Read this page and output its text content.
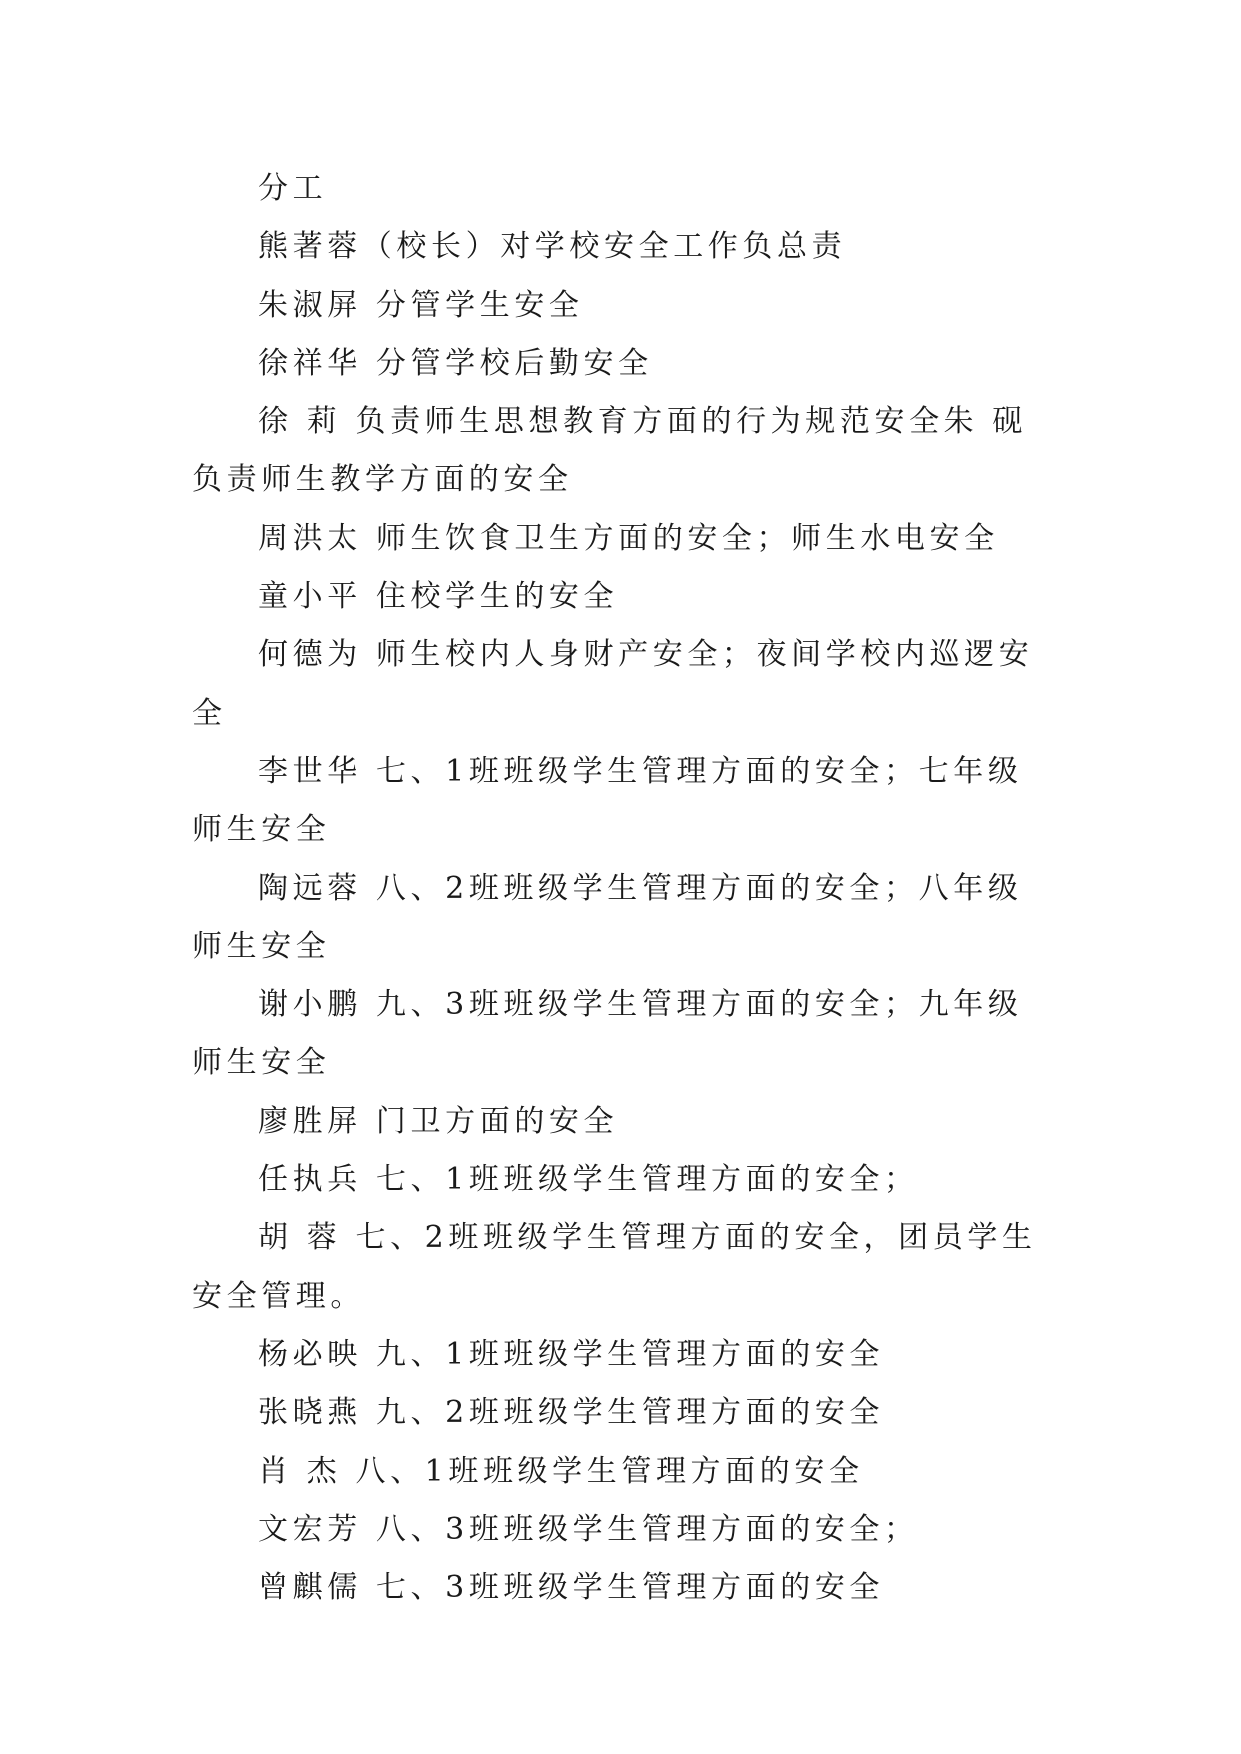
分工

熊著蓉（校长）对学校安全工作负总责

朱淑屏 分管学生安全

徐祥华 分管学校后勤安全

徐 莉 负责师生思想教育方面的行为规范安全朱 砚负责师生教学方面的安全

周洪太 师生饮食卫生方面的安全；师生水电安全

童小平 住校学生的安全

何德为 师生校内人身财产安全；夜间学校内巡逻安全

李世华 七、1班班级学生管理方面的安全；七年级师生安全

陶远蓉 八、2班班级学生管理方面的安全；八年级师生安全

谢小鹏 九、3班班级学生管理方面的安全；九年级师生安全

廖胜屏 门卫方面的安全

任执兵 七、1班班级学生管理方面的安全；

胡 蓉 七、2班班级学生管理方面的安全，团员学生安全管理。

杨必映 九、1班班级学生管理方面的安全

张晓燕 九、2班班级学生管理方面的安全

肖 杰 八、1班班级学生管理方面的安全

文宏芳 八、3班班级学生管理方面的安全；

曾麒儒 七、3班班级学生管理方面的安全
